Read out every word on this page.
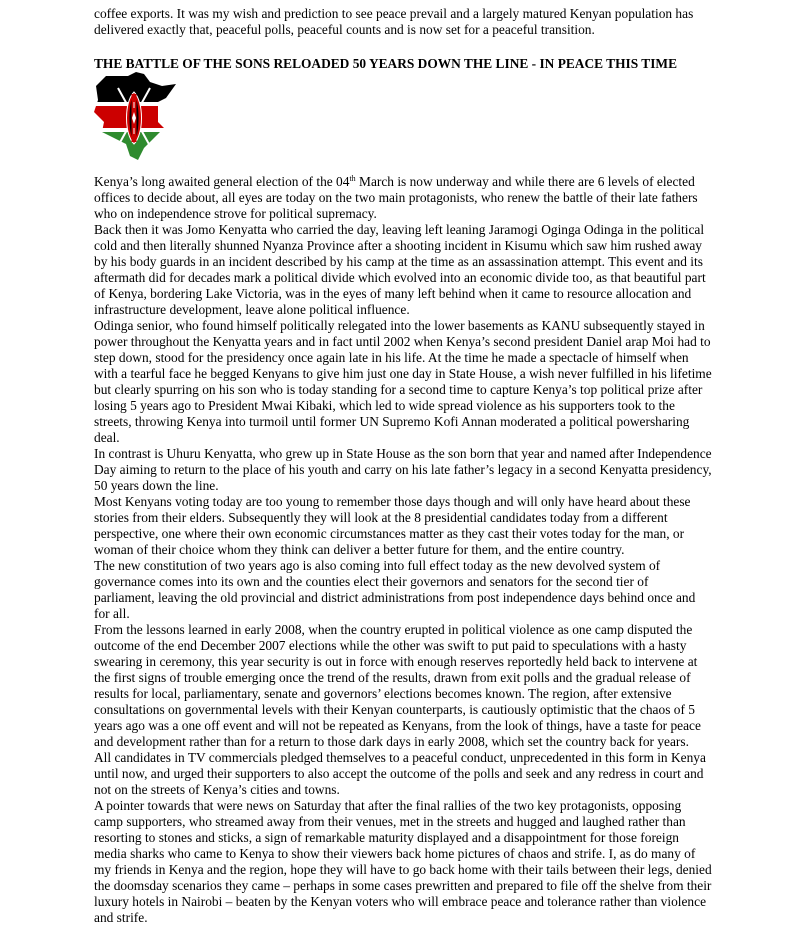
coffee exports. It was my wish and prediction to see peace prevail and a largely matured Kenyan population has delivered exactly that, peaceful polls, peaceful counts and is now set for a peaceful transition.

THE BATTLE OF THE SONS RELOADED 50 YEARS DOWN THE LINE - IN PEACE THIS TIME

Kenya’s long awaited general election of the 04th March is now underway and while there are 6 levels of elected offices to decide about, all eyes are today on the two main protagonists, who renew the battle of their late fathers who on independence strove for political supremacy.

Back then it was Jomo Kenyatta who carried the day, leaving left leaning Jaramogi Oginga Odinga in the political cold and then literally shunned Nyanza Province after a shooting incident in Kisumu which saw him rushed away by his body guards in an incident described by his camp at the time as an assassination attempt. This event and its aftermath did for decades mark a political divide which evolved into an economic divide too, as that beautiful part of Kenya, bordering Lake Victoria, was in the eyes of many left behind when it came to resource allocation and infrastructure development, leave alone political influence.

Odinga senior, who found himself politically relegated into the lower basements as KANU subsequently stayed in power throughout the Kenyatta years and in fact until 2002 when Kenya’s second president Daniel arap Moi had to step down, stood for the presidency once again late in his life. At the time he made a spectacle of himself when with a tearful face he begged Kenyans to give him just one day in State House, a wish never fulfilled in his lifetime but clearly spurring on his son who is today standing for a second time to capture Kenya’s top political prize after losing 5 years ago to President Mwai Kibaki, which led to wide spread violence as his supporters took to the streets, throwing Kenya into turmoil until former UN Supremo Kofi Annan moderated a political powersharing deal.

In contrast is Uhuru Kenyatta, who grew up in State House as the son born that year and named after Independence Day aiming to return to the place of his youth and carry on his late father’s legacy in a second Kenyatta presidency, 50 years down the line.

Most Kenyans voting today are too young to remember those days though and will only have heard about these stories from their elders. Subsequently they will look at the 8 presidential candidates today from a different perspective, one where their own economic circumstances matter as they cast their votes today for the man, or woman of their choice whom they think can deliver a better future for them, and the entire country.

The new constitution of two years ago is also coming into full effect today as the new devolved system of governance comes into its own and the counties elect their governors and senators for the second tier of parliament, leaving the old provincial and district administrations from post independence days behind once and for all.

From the lessons learned in early 2008, when the country erupted in political violence as one camp disputed the outcome of the end December 2007 elections while the other was swift to put paid to speculations with a hasty swearing in ceremony, this year security is out in force with enough reserves reportedly held back to intervene at the first signs of trouble emerging once the trend of the results, drawn from exit polls and the gradual release of results for local, parliamentary, senate and governors’ elections becomes known. The region, after extensive consultations on governmental levels with their Kenyan counterparts, is cautiously optimistic that the chaos of 5 years ago was a one off event and will not be repeated as Kenyans, from the look of things, have a taste for peace and development rather than for a return to those dark days in early 2008, which set the country back for years.

All candidates in TV commercials pledged themselves to a peaceful conduct, unprecedented in this form in Kenya until now, and urged their supporters to also accept the outcome of the polls and seek and any redress in court and not on the streets of Kenya’s cities and towns.

A pointer towards that were news on Saturday that after the final rallies of the two key protagonists, opposing camp supporters, who streamed away from their venues, met in the streets and hugged and laughed rather than resorting to stones and sticks, a sign of remarkable maturity displayed and a disappointment for those foreign media sharks who came to Kenya to show their viewers back home pictures of chaos and strife. I, as do many of my friends in Kenya and the region, hope they will have to go back home with their tails between their legs, denied the doomsday scenarios they came – perhaps in some cases prewritten and prepared to file off the shelve from their luxury hotels in Nairobi – beaten by the Kenyan voters who will embrace peace and tolerance rather than violence and strife.
